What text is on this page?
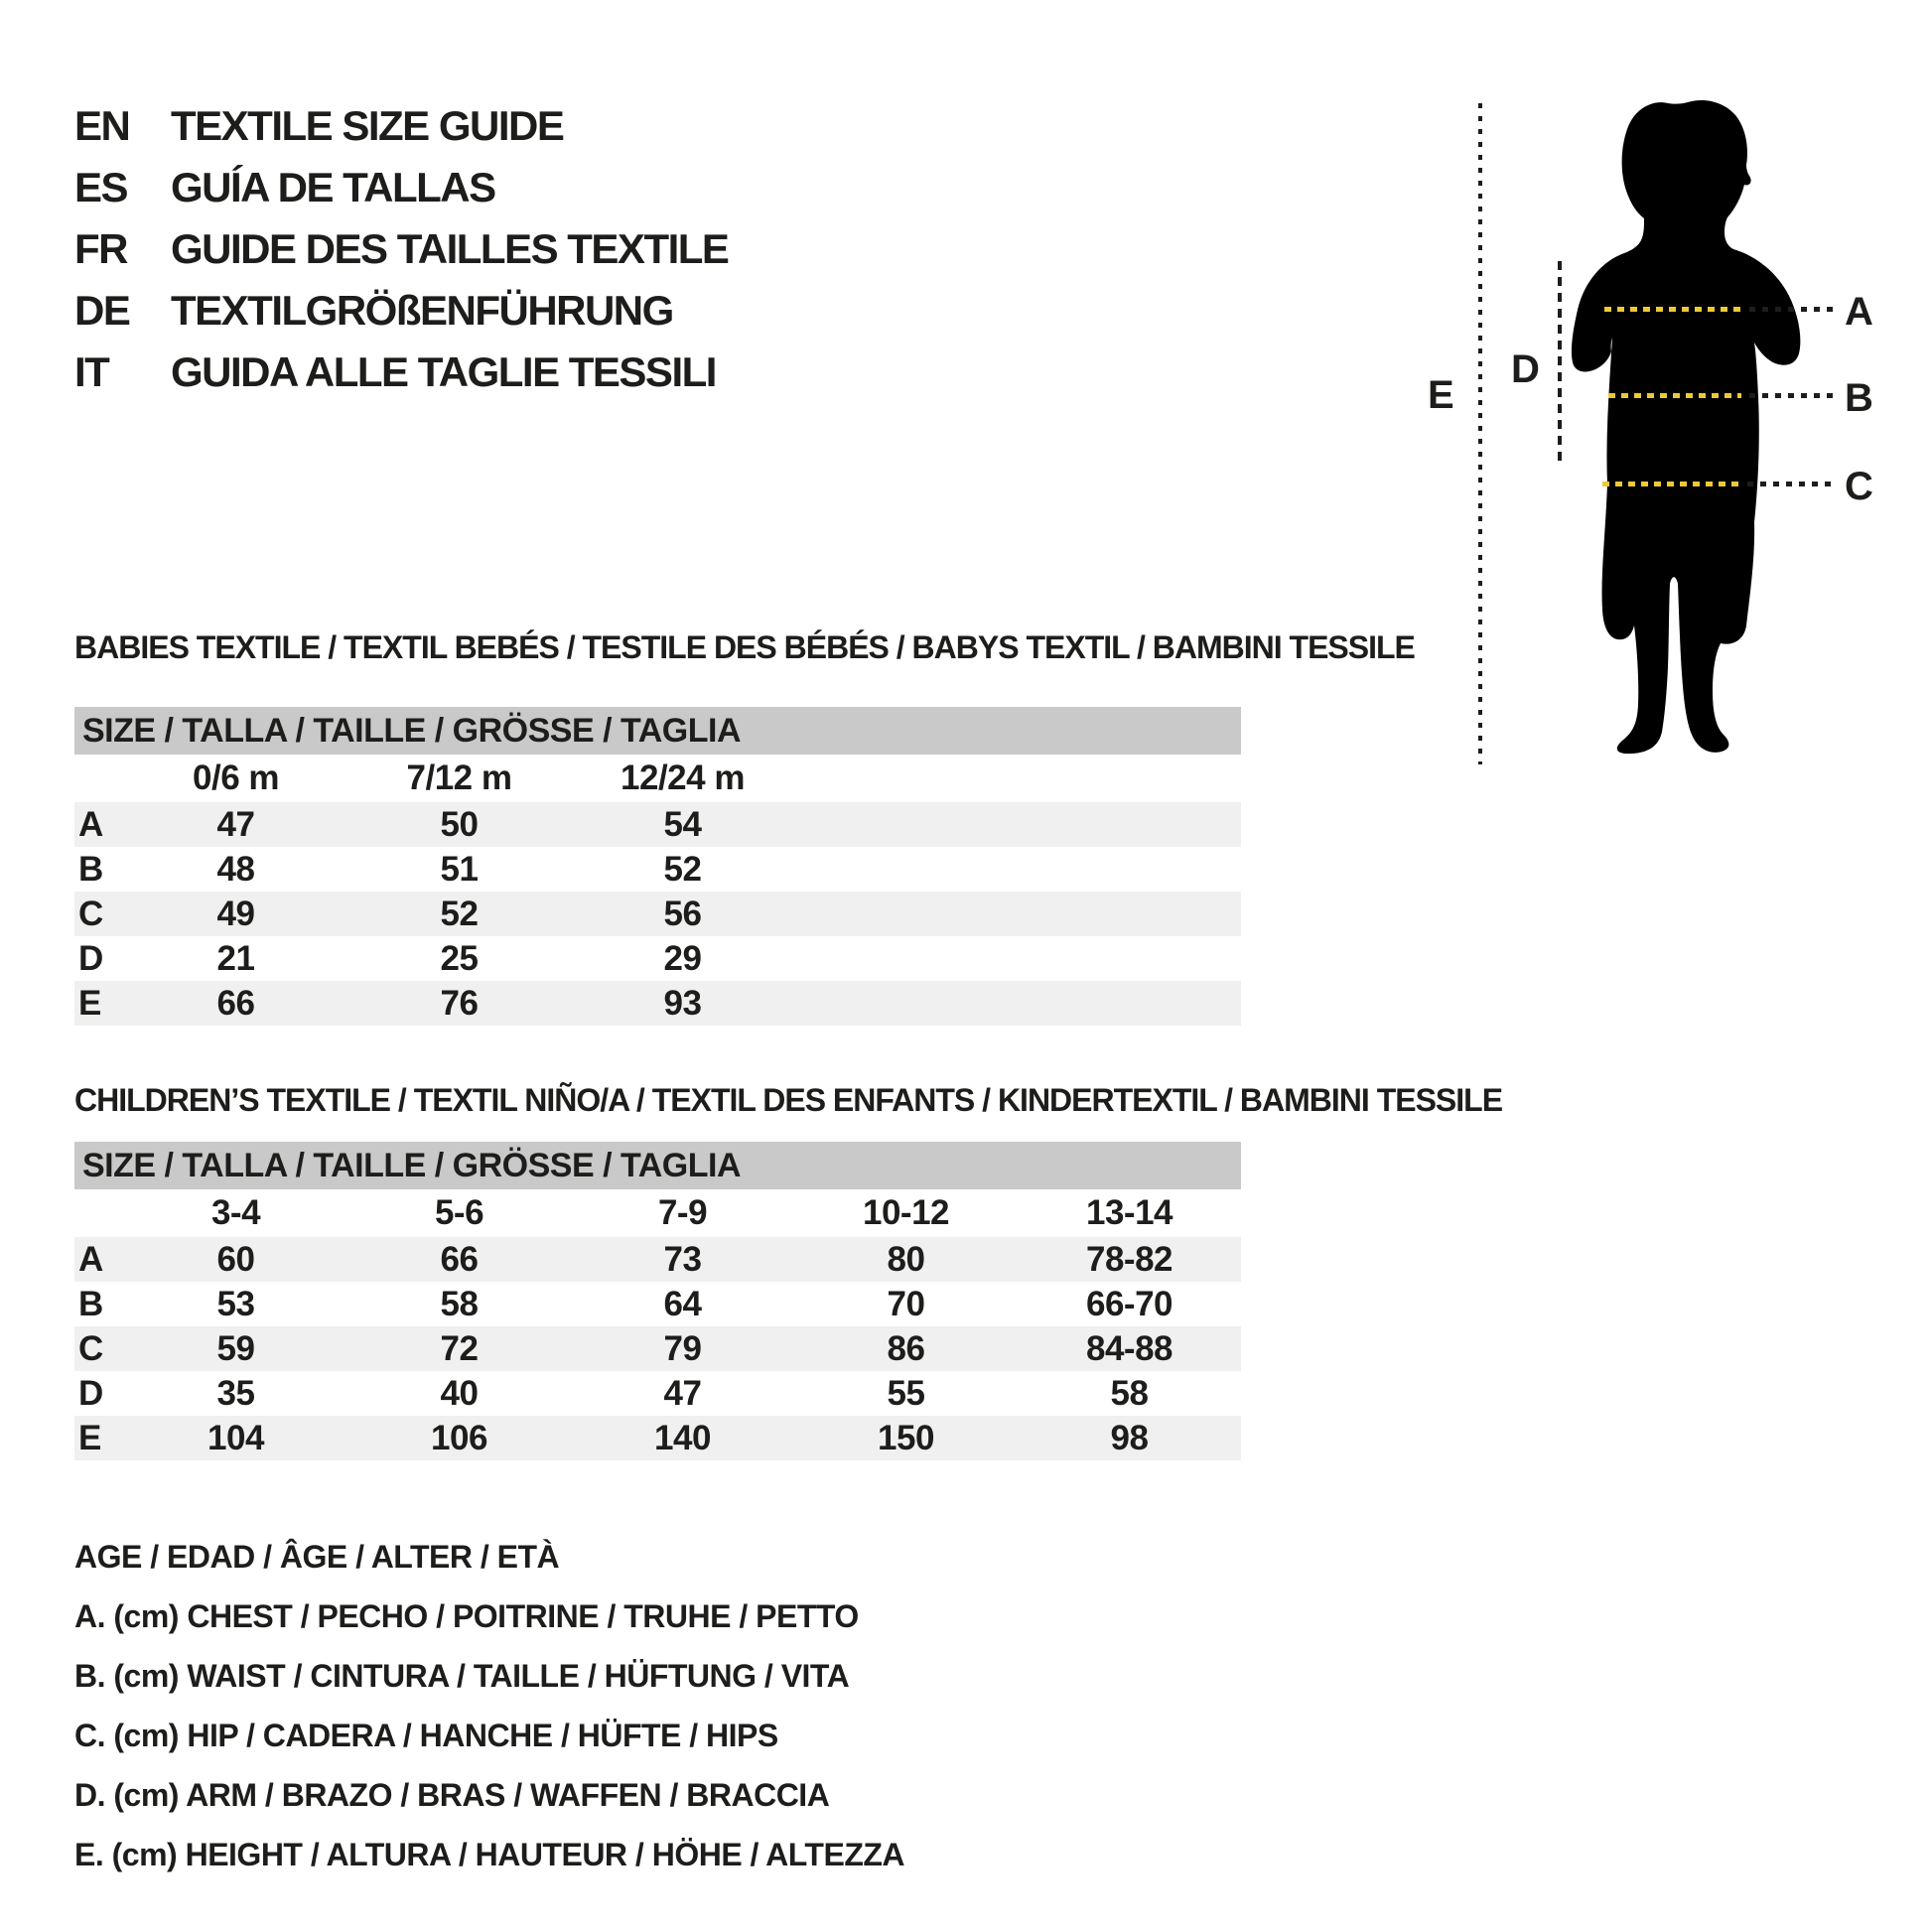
EN TEXTILE SIZE GUIDE
ES	GUÍA DE TALLAS
FR	GUIDE DES TAILLES TEXTILE
DE TEXTILGRÖßENFÜHRUNG
IT	GUIDA ALLE TAGLIE TESSILI	E
D
A
B
C
BABIES TEXTILE / TEXTIL BEBÉS / TESTILE DES BÉBÉS / BABYS TEXTIL / BAMBINI TESSILE
SIZE / TALLA / TAILLE / GRÖSSE / TAGLIA
0/6 m	7/12 m	12/24 m
A	47	50	54
B	48	51	52
C	49	52	56
D	21	25	29
E	66	76	93
CHILDREN’S TEXTILE / TEXTIL NIÑO/A / TEXTIL DES ENFANTS / KINDERTEXTIL / BAMBINI TESSILE
SIZE / TALLA / TAILLE / GRÖSSE / TAGLIA
3-4	5-6	7-9	10-12	13-14
A	60	66	73	80	78-82
B	53	58	64	70	66-70
C	59	72	79	86	84-88
D	35	40	47	55	58
E	104	106	140	150	98
AGE / EDAD / ÂGE / ALTER / ETÀ
A. (cm) CHEST / PECHO / POITRINE / TRUHE / PETTO
B. (cm) WAIST / CINTURA / TAILLE / HÜFTUNG / VITA
C. (cm) HIP / CADERA / HANCHE / HÜFTE / HIPS
D. (cm) ARM / BRAZO / BRAS / WAFFEN / BRACCIA
E. (cm) HEIGHT / ALTURA / HAUTEUR / HÖHE / ALTEZZA
